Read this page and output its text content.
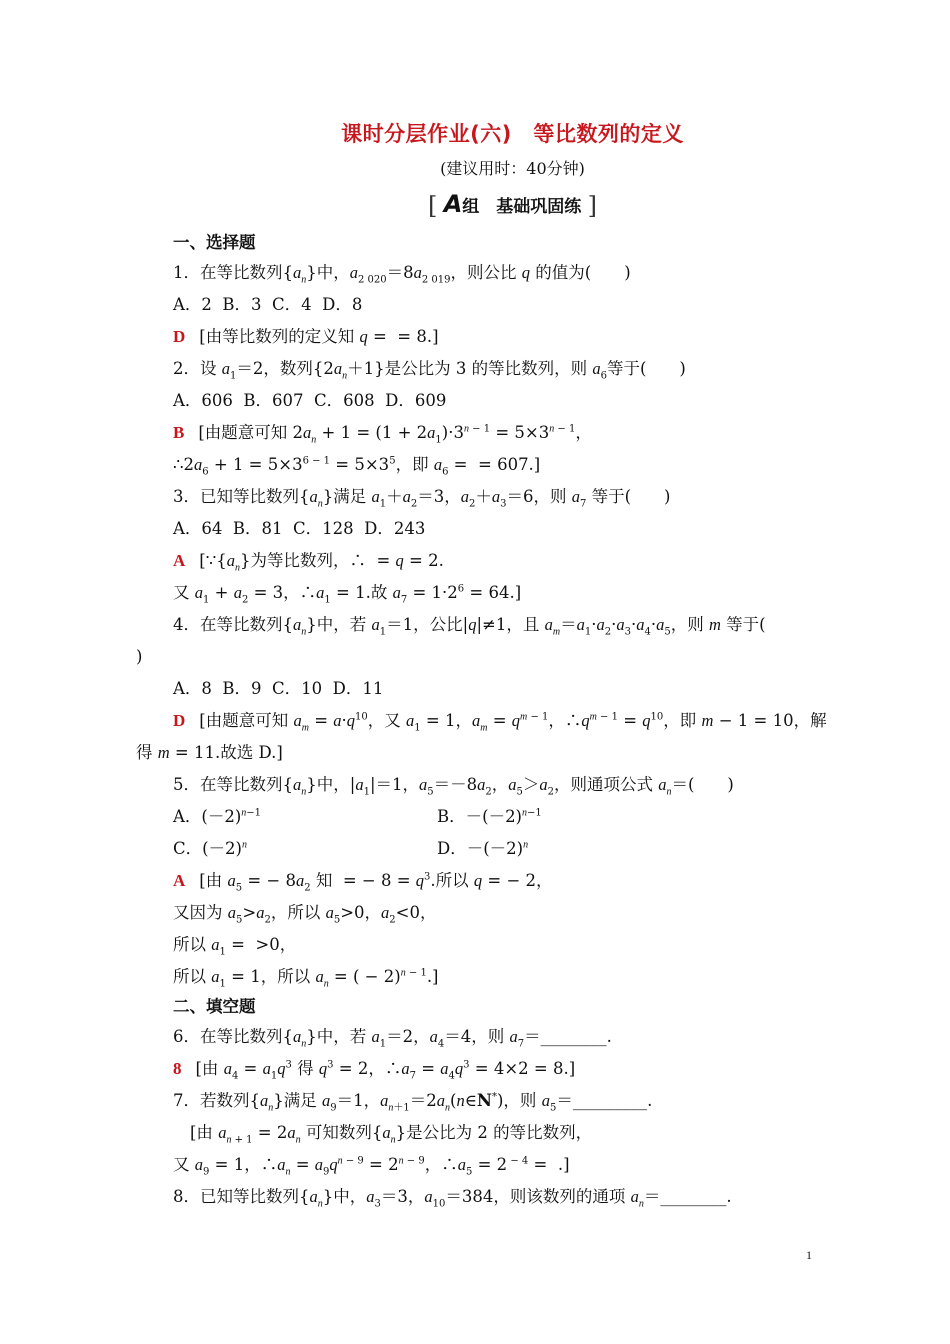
课时分层作业(六)　等比数列的定义
(建议用时：40分钟)
[ A组　基础巩固练 ]
一、选择题
1．在等比数列$\{a_n\}$中，$a_{2 020}=8a_{2 019}$，则公比 q 的值为(　　)
A．2  B．3  C．4  D．8
D [由等比数列的定义知 q =  = 8.]
2．设 $a_1=2$，数列$\{2a_n+1\}$是公比为 3 的等比数列，则 $a_6$等于(　　)
A．606  B．607  C．608  D．609
B [由题意可知 $2a_n + 1 = (1 + 2a_1)\cdot 3^{n - 1} = 5\times 3^{n - 1}$，
$\therefore 2a_6 + 1 = 5\times 3^{6 - 1} = 5\times 3^5$，即 $a_6$ =  = 607.]
3．已知等比数列$\{a_n\}$满足 $a_1+a_2=3$，$a_2+a_3=6$，则 $a_7$ 等于(　　)
A．64  B．81  C．128  D．243
A [$\because\{a_n\}$为等比数列，∴  = q = 2.
又 $a_1 + a_2 = 3$，$\therefore a_1 = 1$.故 $a_7 = 1\cdot 2^6 = 64$.]
4．在等比数列$\{a_n\}$中，若 $a_1=1$，公比|q|≠1，且 $a_m=a_1\cdot a_2\cdot a_3\cdot a_4\cdot a_5$，则 m 等于(
)
A．8  B．9  C．10  D．11
D [由题意可知 $a_m = a\cdot q^{10}$，又 $a_1 = 1$，$a_m = q^{m - 1}$，$\therefore q^{m - 1} = q^{10}$，即 m − 1 = 10，解
得 m = 11.故选 D.]
5．在等比数列$\{a_n\}$中，$|a_1|=1$，$a_5=-8a_2$，$a_5>a_2$，则通项公式 $a_n=$(　　)
A．$(-2)^{n-1}$	B．$-(-2)^{n-1}$
C．$(-2)^n$	D．$-(-2)^n$
A [由 $a_5$ = − $8a_2$ 知  = − $8 = q^3$.所以 q = − 2，
又因为 $a_5>a_2$，所以 $a_5>0$，$a_2<0$，
所以 $a_1 = >0$，
所以 $a_1 = 1$，所以 $a_n$ = ( − 2)$^{n - 1}$.]
二、填空题
6．在等比数列$\{a_n\}$中，若 $a_1=2$，$a_4=4$，则 $a_7=\_\_\_\_\_\_\_\_$.
8 [由 $a_4 = a_1q^3$ 得 $q^3 = 2$，$\therefore a_7 = a_4q^3 = 4\times 2 = 8$.]
7．若数列$\{a_n\}$满足 $a_9=1$，$a_{n+1}=2a_n(n\in N^*)$，则 $a_5=\_\_\_\_\_\_\_\_\_$.
[由 $a_{n + 1} = 2a_n$ 可知数列$\{a_n\}$是公比为 2 的等比数列，
又 $a_9 = 1$，$\therefore a_n = a_9q^{n - 9} = 2^{n - 9}$，$\therefore a_5 = 2$ $^{- 4}$ =  .]
8．已知等比数列$\{a_n\}$中，$a_3=3$，$a_{10}=384$，则该数列的通项 $a_n=\_\_\_\_\_\_\_\_$.
1
